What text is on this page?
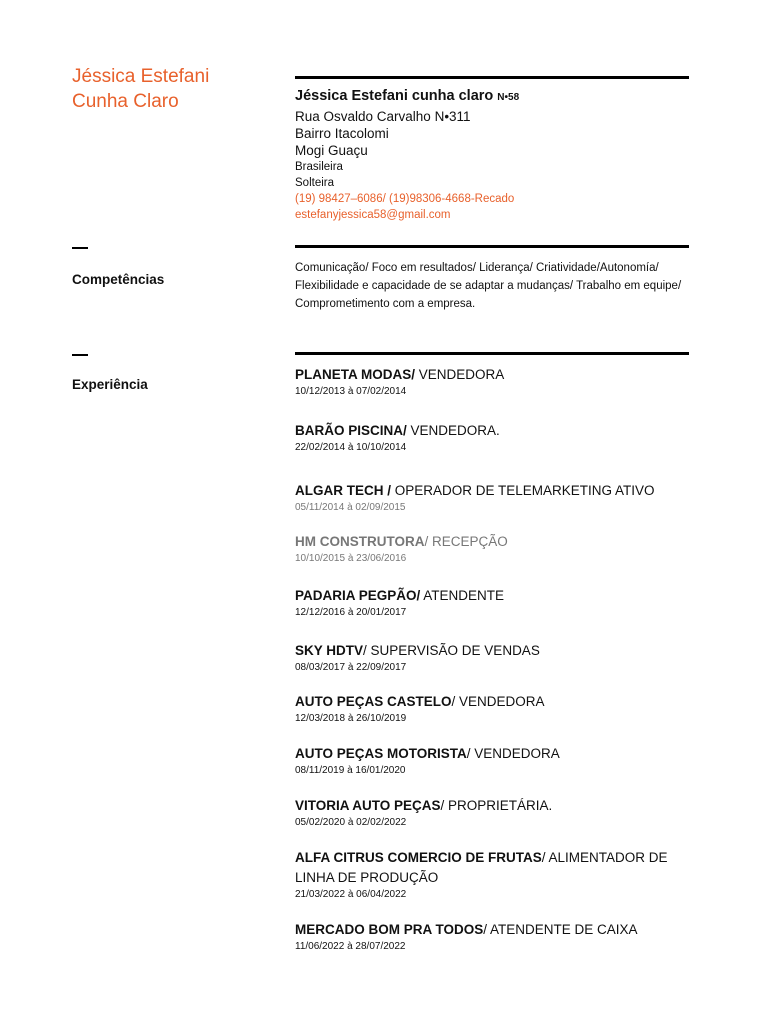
Jéssica Estefani
Cunha Claro	Jéssica Estefani cunha claro N•58
Rua Osvaldo Carvalho N•311
Bairro Itacolomi
Mogi Guaçu
Brasileira
Solteira
(19) 98427–6086/ (19)98306-4668-Recado
estefanyjessica58@gmail.com
Competências
Comunicação/ Foco em resultados/ Liderança/ Criatividade/Autonomía/ Flexibilidade e capacidade de se adaptar a mudanças/ Trabalho em equipe/ Comprometimento com a empresa.
Experiência
PLANETA MODAS/ VENDEDORA
10/12/2013 à 07/02/2014
BARÃO PISCINA/ VENDEDORA.
22/02/2014 à 10/10/2014
ALGAR TECH / OPERADOR DE TELEMARKETING ATIVO
05/11/2014 à 02/09/2015
HM CONSTRUTORA/ RECEPÇÃO
10/10/2015 à 23/06/2016
PADARIA PEGPÃO/ ATENDENTE
12/12/2016 à 20/01/2017
SKY HDTV/ SUPERVISÃO DE VENDAS
08/03/2017 à 22/09/2017
AUTO PEÇAS CASTELO/ VENDEDORA
12/03/2018 à 26/10/2019
AUTO PEÇAS MOTORISTA/ VENDEDORA
08/11/2019 à 16/01/2020
VITORIA AUTO PEÇAS/ PROPRIETÁRIA.
05/02/2020 à 02/02/2022
ALFA CITRUS COMERCIO DE FRUTAS/ ALIMENTADOR DE LINHA DE PRODUÇÃO
21/03/2022 à 06/04/2022
MERCADO BOM PRA TODOS/ ATENDENTE DE CAIXA
11/06/2022 à 28/07/2022
